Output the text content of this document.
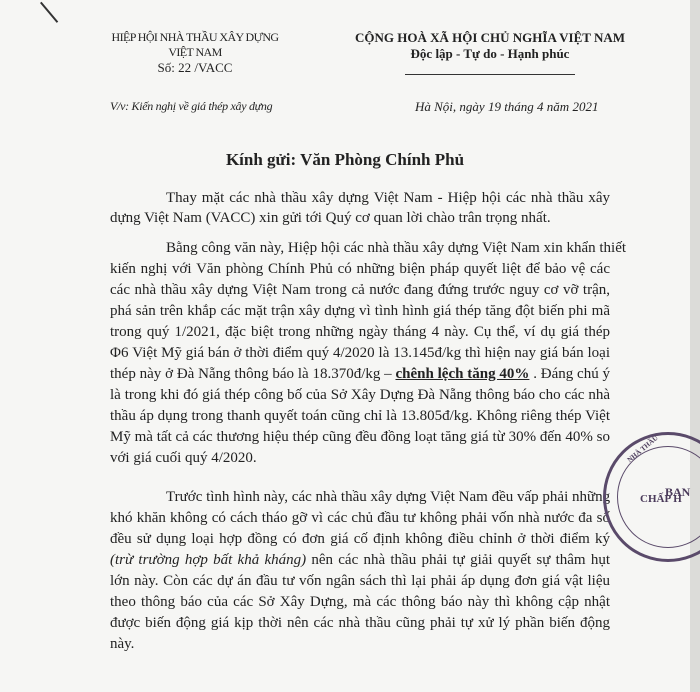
HIỆP HỘI NHÀ THẦU XÂY DỰNG
VIỆT NAM
Số: 22 /VACC
V/v: Kiến nghị về giá thép xây dựng
CỘNG HOÀ XÃ HỘI CHỦ NGHĨA VIỆT NAM
Độc lập - Tự do - Hạnh phúc
Hà Nội, ngày 19 tháng 4 năm 2021
Kính gửi: Văn Phòng Chính Phủ
Thay mặt các nhà thầu xây dựng Việt Nam - Hiệp hội các nhà thầu xây
dựng Việt Nam (VACC) xin gửi tới Quý cơ quan lời chào trân trọng nhất.
Bằng công văn này, Hiệp hội các nhà thầu xây dựng Việt Nam xin khẩn thiết
kiến nghị với Văn phòng Chính Phủ có những biện pháp quyết liệt để bảo vệ các
các nhà thầu xây dựng Việt Nam trong cả nước đang đứng trước nguy cơ vỡ trận,
phá sản trên khắp các mặt trận xây dựng vì tình hình giá thép tăng đột biến phi mã
trong quý 1/2021, đặc biệt trong những ngày tháng 4 này. Cụ thể, ví dụ giá thép
Φ6 Việt Mỹ giá bán ở thời điểm quý 4/2020 là 13.145đ/kg thì hiện nay giá bán loại
thép này ở Đà Nẵng thông báo là 18.370đ/kg – chênh lệch tăng 40% . Đáng chú ý
là trong khi đó giá thép công bố của Sở Xây Dựng Đà Nẵng thông báo cho các nhà
thầu áp dụng trong thanh quyết toán cũng chỉ là 13.805đ/kg. Không riêng thép Việt
Mỹ mà tất cả các thương hiệu thép cũng đều đồng loạt tăng giá từ 30% đến 40% so
với giá cuối quý 4/2020.
Trước tình hình này, các nhà thầu xây dựng Việt Nam đều vấp phải những
khó khăn không có cách tháo gỡ vì các chủ đầu tư không phải vốn nhà nước đa số
đều sử dụng loại hợp đồng có đơn giá cố định không điều chỉnh ở thời điểm ký
(trừ trường hợp bất khả kháng) nên các nhà thầu phải tự giải quyết sự thâm hụt
lớn này. Còn các dự án đầu tư vốn ngân sách thì lại phải áp dụng đơn giá vật liệu
theo thông báo của các Sở Xây Dựng, mà các thông báo này thì không cập nhật
được biến động giá kịp thời nên các nhà thầu cũng phải tự xử lý phần biến động
này.
NHÀ THẦU
BAN
CHẤP H
